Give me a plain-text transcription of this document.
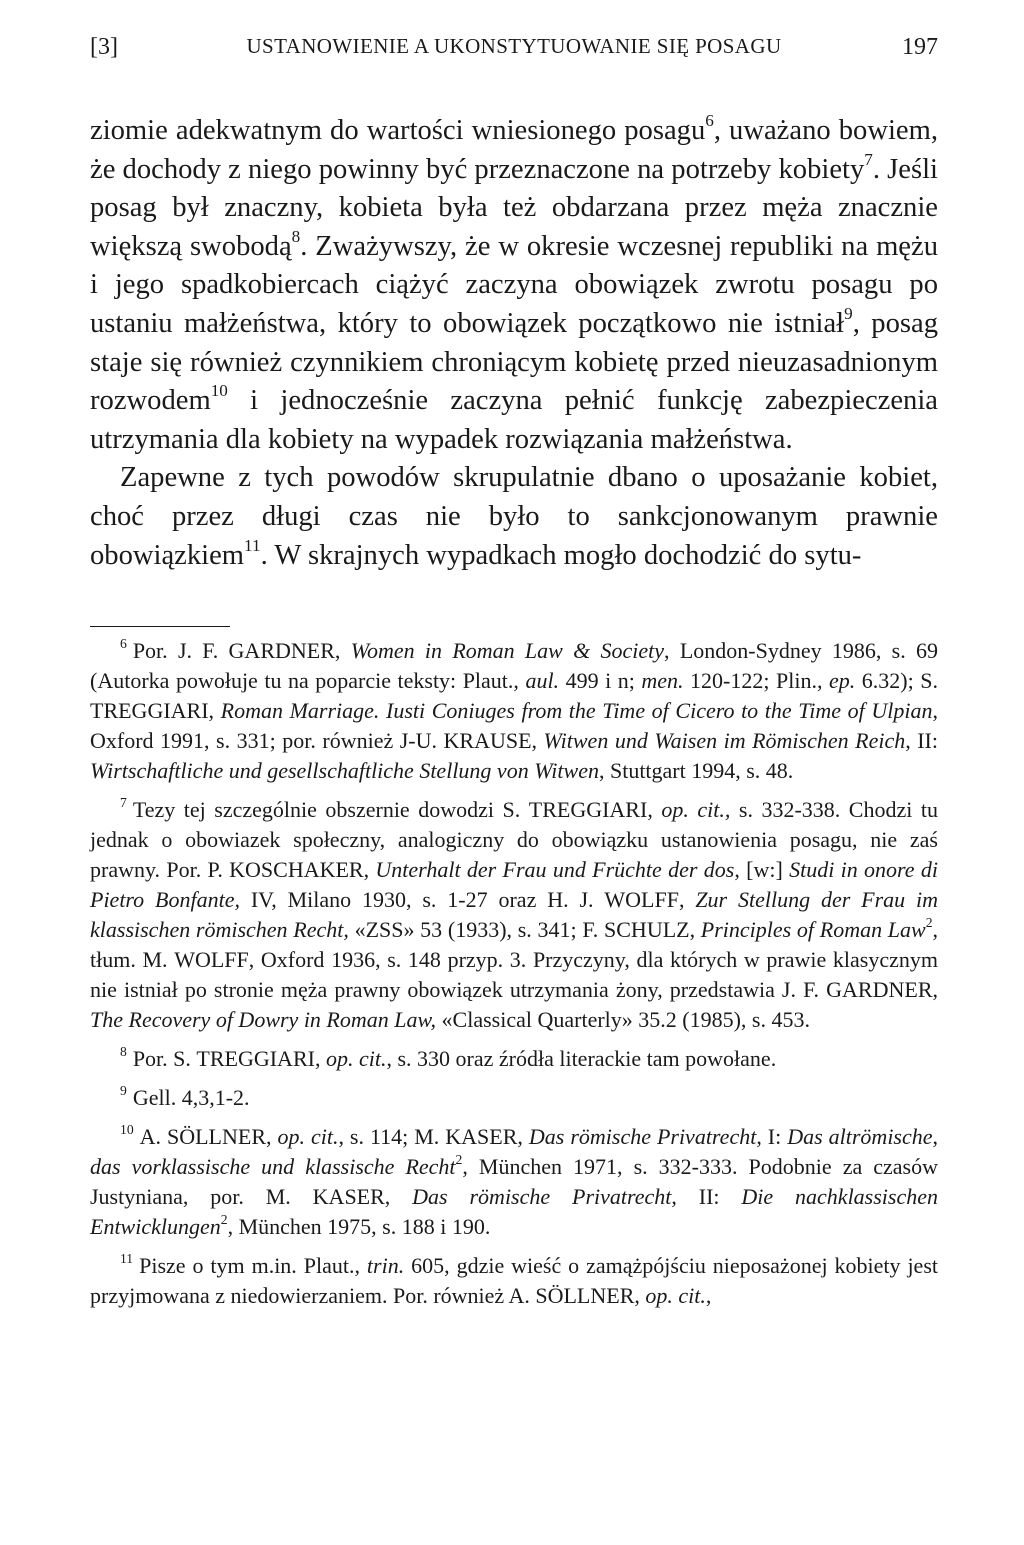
[3]	USTANOWIENIE A UKONSTYTUOWANIE SIĘ POSAGU	197

ziomie adekwatnym do wartości wniesionego posagu$^6$, uważano bowiem, że dochody z niego powinny być przeznaczone na potrzeby kobiety$^7$. Jeśli posag był znaczny, kobieta była też obdarzana przez męża znacznie większą swobodą$^8$. Zważywszy, że w okresie wczesnej republiki na mężu i jego spadkobiercach ciążyć zaczyna obowiązek zwrotu posagu po ustaniu małżeństwa, który to obowiązek początkowo nie istniał$^9$, posag staje się również czynnikiem chroniącym kobietę przed nieuzasadnionym rozwodem$^{10}$ i jednocześnie zaczyna pełnić funkcję zabezpieczenia utrzymania dla kobiety na wypadek rozwiązania małżeństwa.

Zapewne z tych powodów skrupulatnie dbano o uposażanie kobiet, choć przez długi czas nie było to sankcjonowanym prawnie obowiązkiem$^{11}$. W skrajnych wypadkach mogło dochodzić do sytu-

$^6$ Por. J. F. GARDNER, Women in Roman Law & Society, London-Sydney 1986, s. 69 (Autorka powołuje tu na poparcie teksty: Plaut., aul. 499 i n; men. 120-122; Plin., ep. 6.32); S. TREGGIARI, Roman Marriage. Iusti Coniuges from the Time of Cicero to the Time of Ulpian, Oxford 1991, s. 331; por. również J-U. KRAUSE, Witwen und Waisen im Römischen Reich, II: Wirtschaftliche und gesellschaftliche Stellung von Witwen, Stuttgart 1994, s. 48.

$^7$ Tezy tej szczególnie obszernie dowodzi S. TREGGIARI, op. cit., s. 332-338. Chodzi tu jednak o obowiazek społeczny, analogiczny do obowiązku ustanowienia posagu, nie zaś prawny. Por. P. KOSCHAKER, Unterhalt der Frau und Früchte der dos, [w:] Studi in onore di Pietro Bonfante, IV, Milano 1930, s. 1-27 oraz H. J. WOLFF, Zur Stellung der Frau im klassischen römischen Recht, «ZSS» 53 (1933), s. 341; F. SCHULZ, Principles of Roman Law$^2$, tłum. M. WOLFF, Oxford 1936, s. 148 przyp. 3. Przyczyny, dla których w prawie klasycznym nie istniał po stronie męża prawny obowiązek utrzymania żony, przedstawia J. F. GARDNER, The Recovery of Dowry in Roman Law, «Classical Quarterly» 35.2 (1985), s. 453.

$^8$ Por. S. TREGGIARI, op. cit., s. 330 oraz źródła literackie tam powołane.

$^9$ Gell. 4,3,1-2.

$^{10}$ A. SÖLLNER, op. cit., s. 114; M. KASER, Das römische Privatrecht, I: Das altrömische, das vorklassische und klassische Recht$^2$, München 1971, s. 332-333. Podobnie za czasów Justyniana, por. M. KASER, Das römische Privatrecht, II: Die nachklassischen Entwicklungen$^2$, München 1975, s. 188 i 190.

$^{11}$ Pisze o tym m.in. Plaut., trin. 605, gdzie wieść o zamążpójściu nieposażonej kobiety jest przyjmowana z niedowierzaniem. Por. również A. SÖLLNER, op. cit.,
